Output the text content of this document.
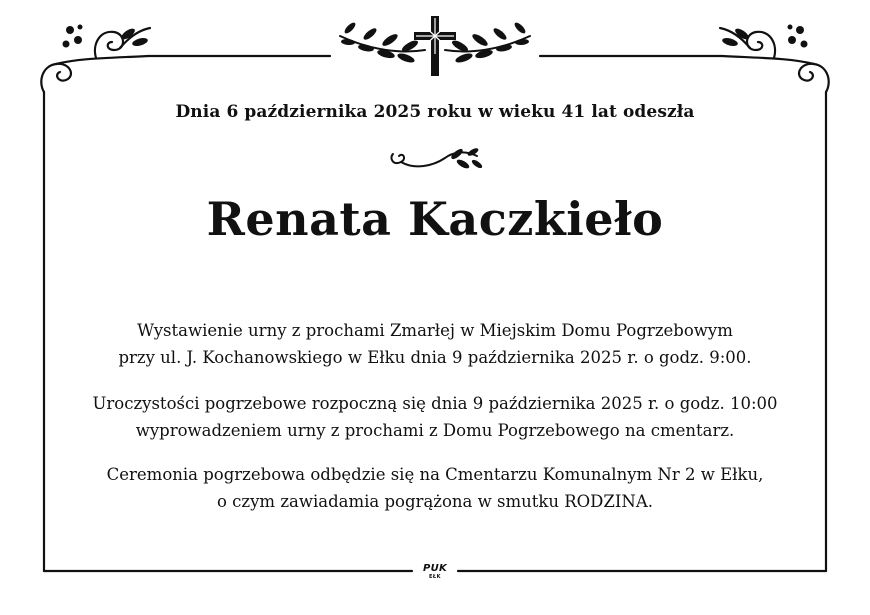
Dnia 6 października 2025 roku w wieku 41 lat odeszła
Renata Kaczkieło
Wystawienie urny z prochami Zmarłej w Miejskim Domu Pogrzebowym
przy ul. J. Kochanowskiego w Ełku dnia 9 października 2025 r. o godz. 9:00.
Uroczystości pogrzebowe rozpoczną się dnia 9 października 2025 r. o godz. 10:00
wyprowadzeniem urny z prochami z Domu Pogrzebowego na cmentarz.
Ceremonia pogrzebowa odbędzie się na Cmentarzu Komunalnym Nr 2 w Ełku,
o czym zawiadamia pogrążona w smutku RODZINA.
PUK
EŁK
